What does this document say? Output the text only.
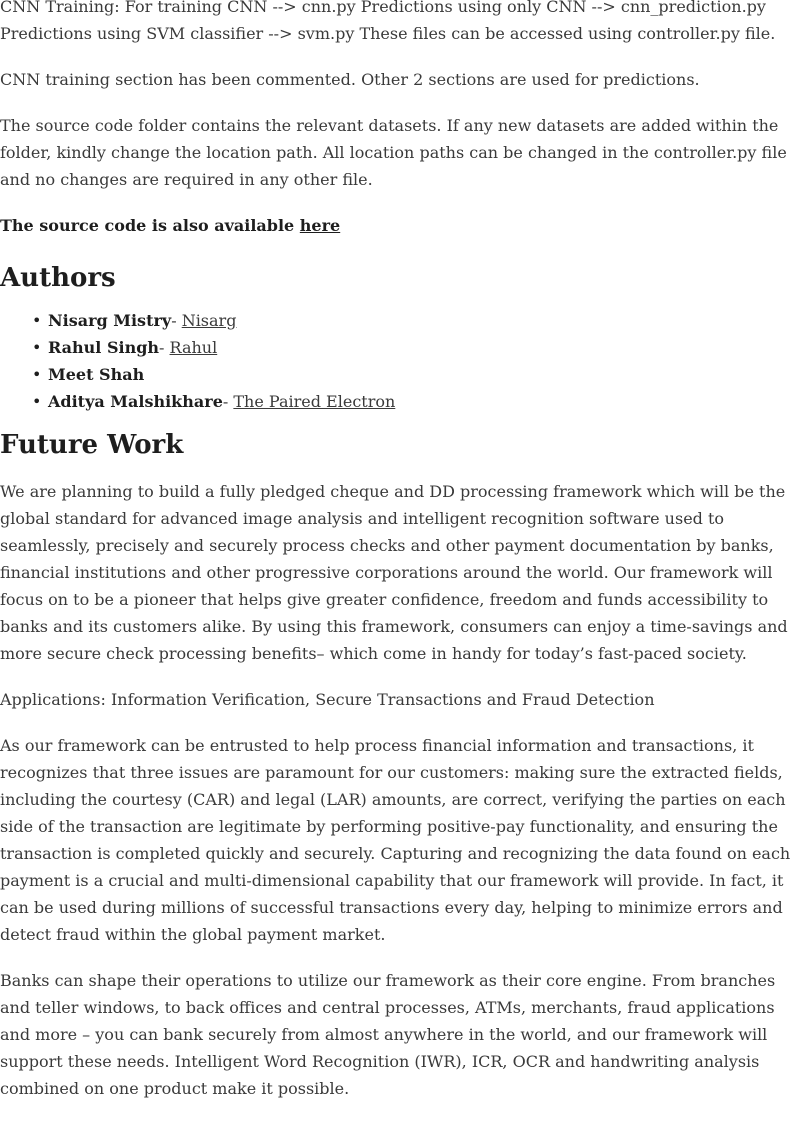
CNN Training: For training CNN --> cnn.py Predictions using only CNN --> cnn_prediction.py Predictions using SVM classifier --> svm.py These files can be accessed using controller.py file.

CNN training section has been commented. Other 2 sections are used for predictions.

The source code folder contains the relevant datasets. If any new datasets are added within the folder, kindly change the location path. All location paths can be changed in the controller.py file and no changes are required in any other file.

The source code is also available here

Authors
• Nisarg Mistry- Nisarg
• Rahul Singh- Rahul
• Meet Shah
• Aditya Malshikhare- The Paired Electron
Future Work

We are planning to build a fully pledged cheque and DD processing framework which will be the global standard for advanced image analysis and intelligent recognition software used to seamlessly, precisely and securely process checks and other payment documentation by banks, financial institutions and other progressive corporations around the world. Our framework will focus on to be a pioneer that helps give greater confidence, freedom and funds accessibility to banks and its customers alike. By using this framework, consumers can enjoy a time-savings and more secure check processing benefits– which come in handy for today’s fast-paced society.

Applications: Information Verification, Secure Transactions and Fraud Detection

As our framework can be entrusted to help process financial information and transactions, it recognizes that three issues are paramount for our customers: making sure the extracted fields, including the courtesy (CAR) and legal (LAR) amounts, are correct, verifying the parties on each side of the transaction are legitimate by performing positive-pay functionality, and ensuring the transaction is completed quickly and securely. Capturing and recognizing the data found on each payment is a crucial and multi-dimensional capability that our framework will provide. In fact, it can be used during millions of successful transactions every day, helping to minimize errors and detect fraud within the global payment market.

Banks can shape their operations to utilize our framework as their core engine. From branches and teller windows, to back offices and central processes, ATMs, merchants, fraud applications and more – you can bank securely from almost anywhere in the world, and our framework will support these needs. Intelligent Word Recognition (IWR), ICR, OCR and handwriting analysis combined on one product make it possible.
